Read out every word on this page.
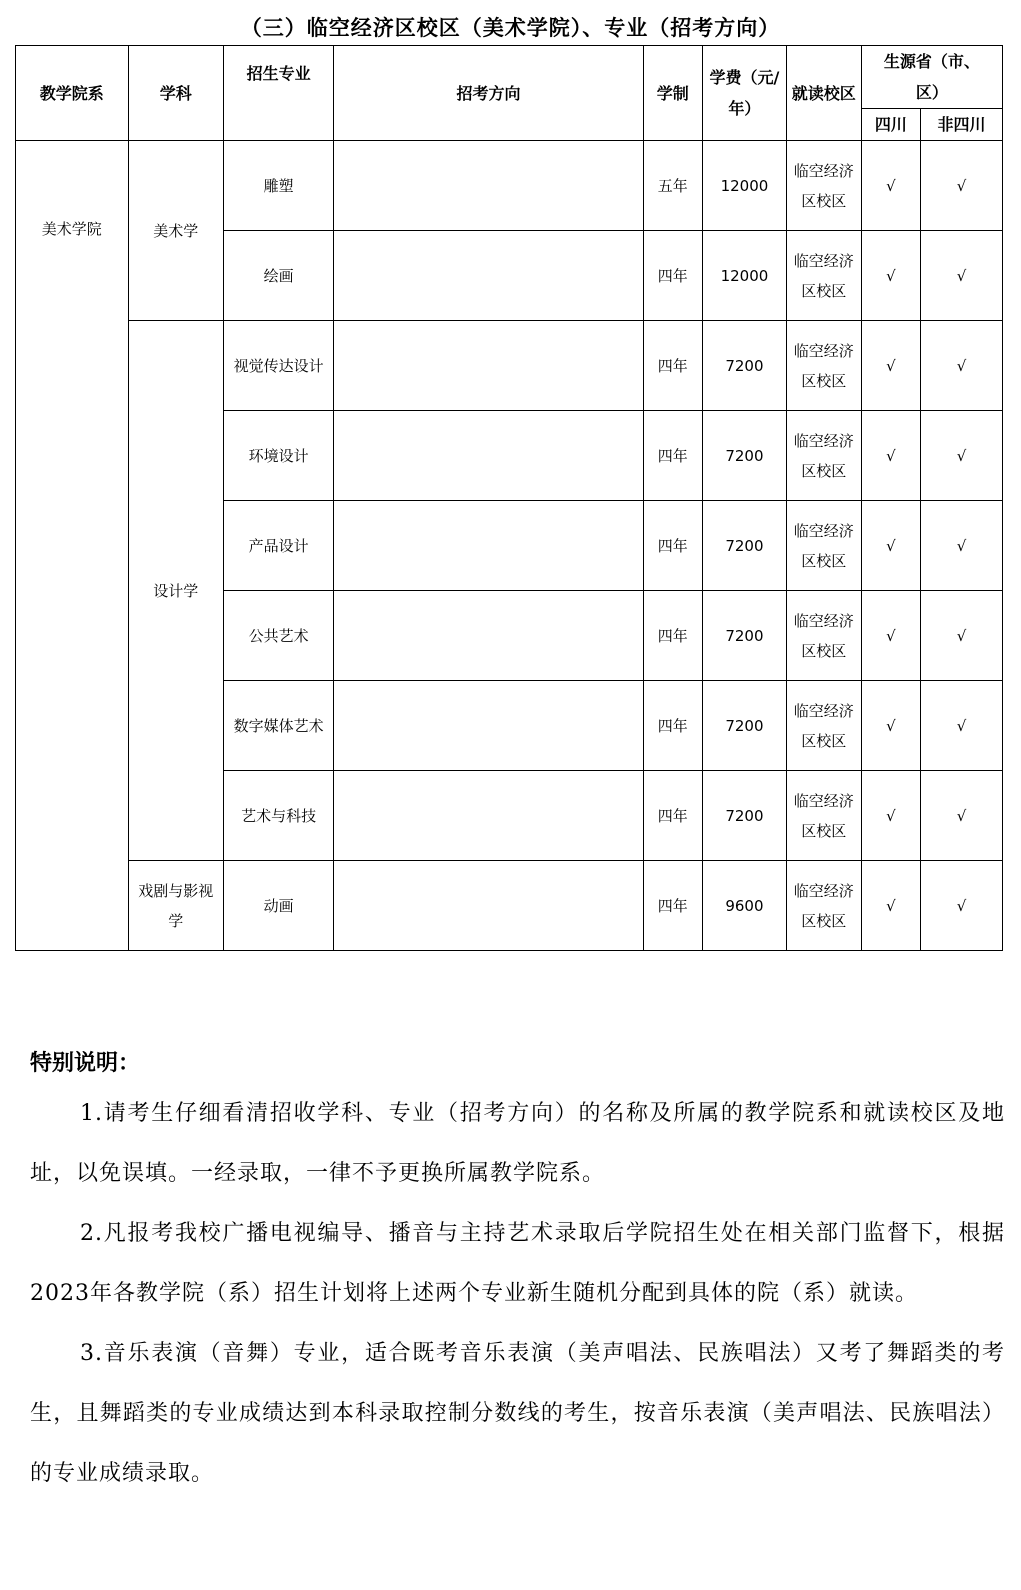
（三）临空经济区校区（美术学院）、专业（招考方向）
教学院系	学科	招生专业	招考方向	学制	学费（元/年）	就读校区	生源省（市、区）	

							四川	非四川
美术学院	美术学	雕塑		五年	12000	临空经济区校区	√	√

		绘画		四年	12000	临空经济区校区	√	√
	设计学	视觉传达设计		四年	7200	临空经济区校区	√	√

		环境设计		四年	7200	临空经济区校区	√	√

		产品设计		四年	7200	临空经济区校区	√	√

		公共艺术		四年	7200	临空经济区校区	√	√

		数字媒体艺术		四年	7200	临空经济区校区	√	√

		艺术与科技		四年	7200	临空经济区校区	√	√

	戏剧与影视学	动画		四年	9600	临空经济区校区	√	√
特别说明：

1.请考生仔细看清招收学科、专业（招考方向）的名称及所属的教学院系和就读校区及地址，以免误填。一经录取，一律不予更换所属教学院系。

2.凡报考我校广播电视编导、播音与主持艺术录取后学院招生处在相关部门监督下，根据2023年各教学院（系）招生计划将上述两个专业新生随机分配到具体的院（系）就读。

3.音乐表演（音舞）专业，适合既考音乐表演（美声唱法、民族唱法）又考了舞蹈类的考生，且舞蹈类的专业成绩达到本科录取控制分数线的考生，按音乐表演（美声唱法、民族唱法）的专业成绩录取。
